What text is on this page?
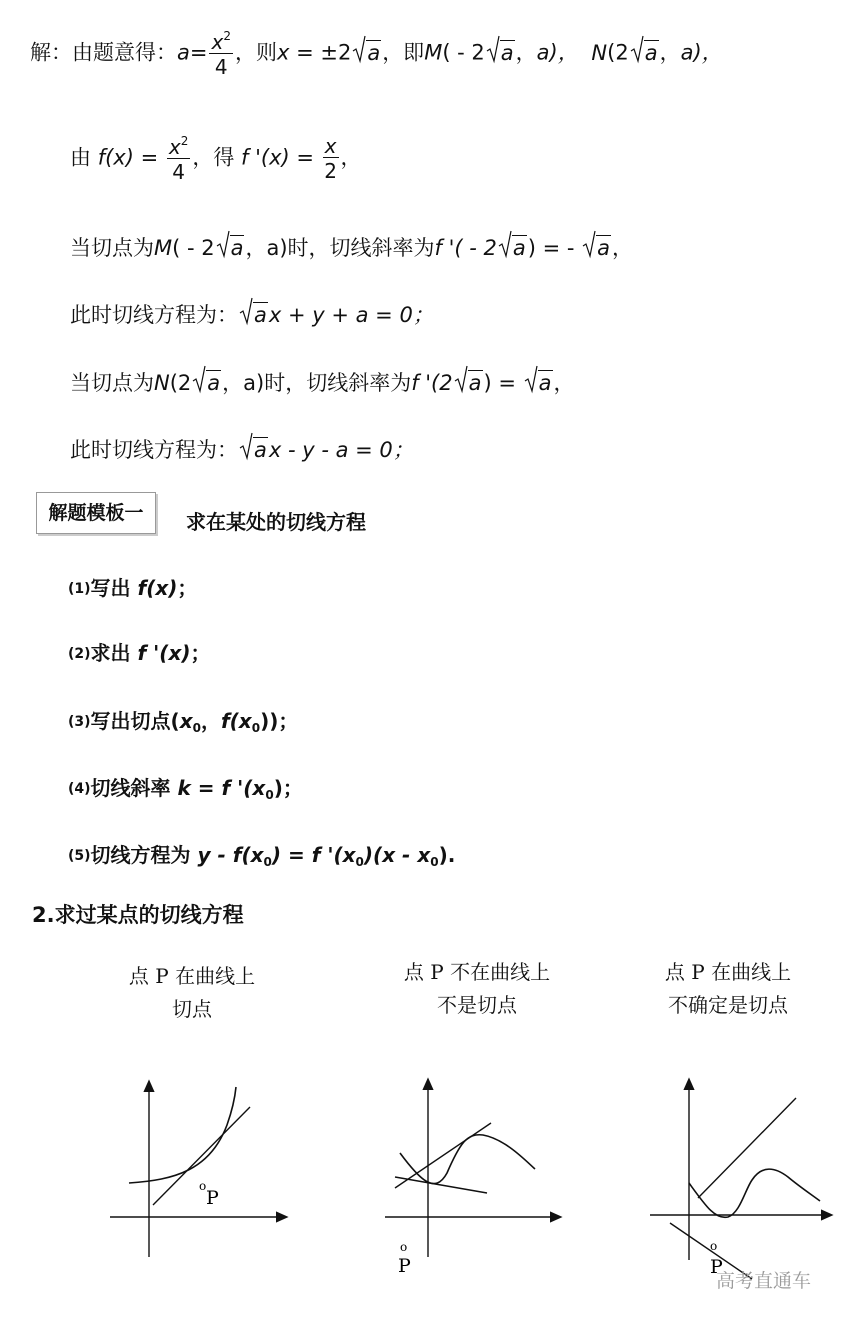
解：由题意得：$a= \frac{x^2}{4}$ ，则x = ±2 a，即M( - 2 a，a)， N(2 a，a)，
由 $f(x) = \frac{x^2}{4}$ ，得 f '$(x) = \frac{x}{2}$ ，
当切点为M( - 2 a，a)时，切线斜率为f '( - 2 a) = -
a，
此时切线方程为： ax + y + a = 0；
当切点为N(2 a，a)时，切线斜率为f '(2 a) =
a，
此时切线方程为： ax - y - a = 0；
解题模板一	求在某处的切线方程
(1)写出 f(x)；
(2)求出 f '(x)；
(3)写出切点($x_0$，$f(x_0)$)；
(4)切线斜率 k = f '$(x_0)$；
(5)切线方程为 $y - f(x_0) = f$ '$(x_0)(x - x_0)$.
2.求过某点的切线方程
点 P 在曲线上
切点
点 P 不在曲线上
不是切点
点 P 在曲线上
不确定是切点
o
P
o
P
o
P
高考直通车
